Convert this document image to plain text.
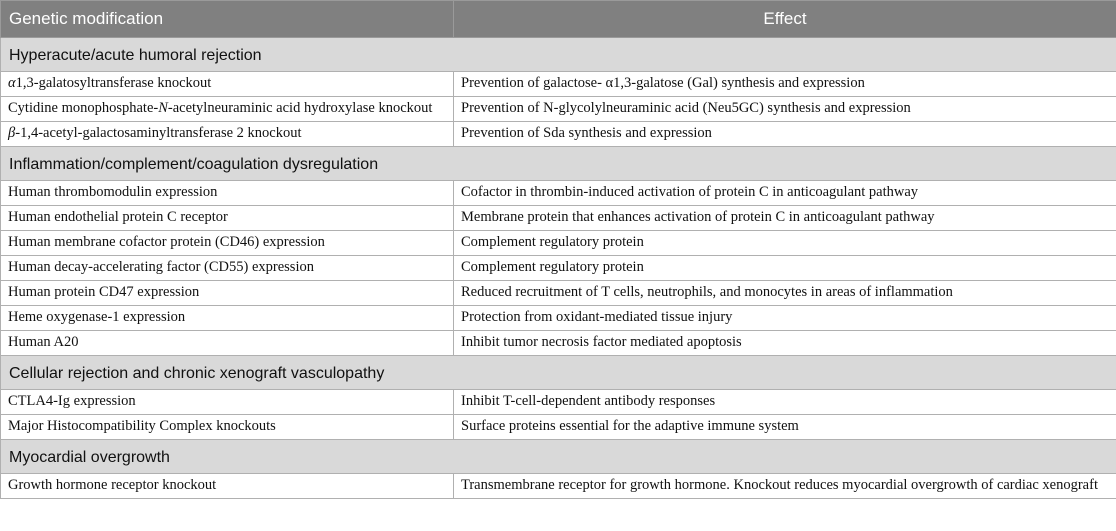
Genetic modification	Effect
Hyperacute/acute humoral rejection	
α1,3-galatosyltransferase knockout	Prevention of galactose- α1,3-galatose (Gal) synthesis and expression
Cytidine monophosphate-N-acetylneuraminic acid hydroxylase knockout	Prevention of N-glycolylneuraminic acid (Neu5GC) synthesis and expression
β-1,4-acetyl-galactosaminyltransferase 2 knockout	Prevention of Sda synthesis and expression
Inflammation/complement/coagulation dysregulation	
Human thrombomodulin expression	Cofactor in thrombin-induced activation of protein C in anticoagulant pathway
Human endothelial protein C receptor	Membrane protein that enhances activation of protein C in anticoagulant pathway
Human membrane cofactor protein (CD46) expression	Complement regulatory protein
Human decay-accelerating factor (CD55) expression	Complement regulatory protein
Human protein CD47 expression	Reduced recruitment of T cells, neutrophils, and monocytes in areas of inflammation
Heme oxygenase-1 expression	Protection from oxidant-mediated tissue injury
Human A20	Inhibit tumor necrosis factor mediated apoptosis
Cellular rejection and chronic xenograft vasculopathy	
CTLA4-Ig expression	Inhibit T-cell-dependent antibody responses
Major Histocompatibility Complex knockouts	Surface proteins essential for the adaptive immune system
Myocardial overgrowth	
Growth hormone receptor knockout	Transmembrane receptor for growth hormone. Knockout reduces myocardial overgrowth of cardiac xenograft
